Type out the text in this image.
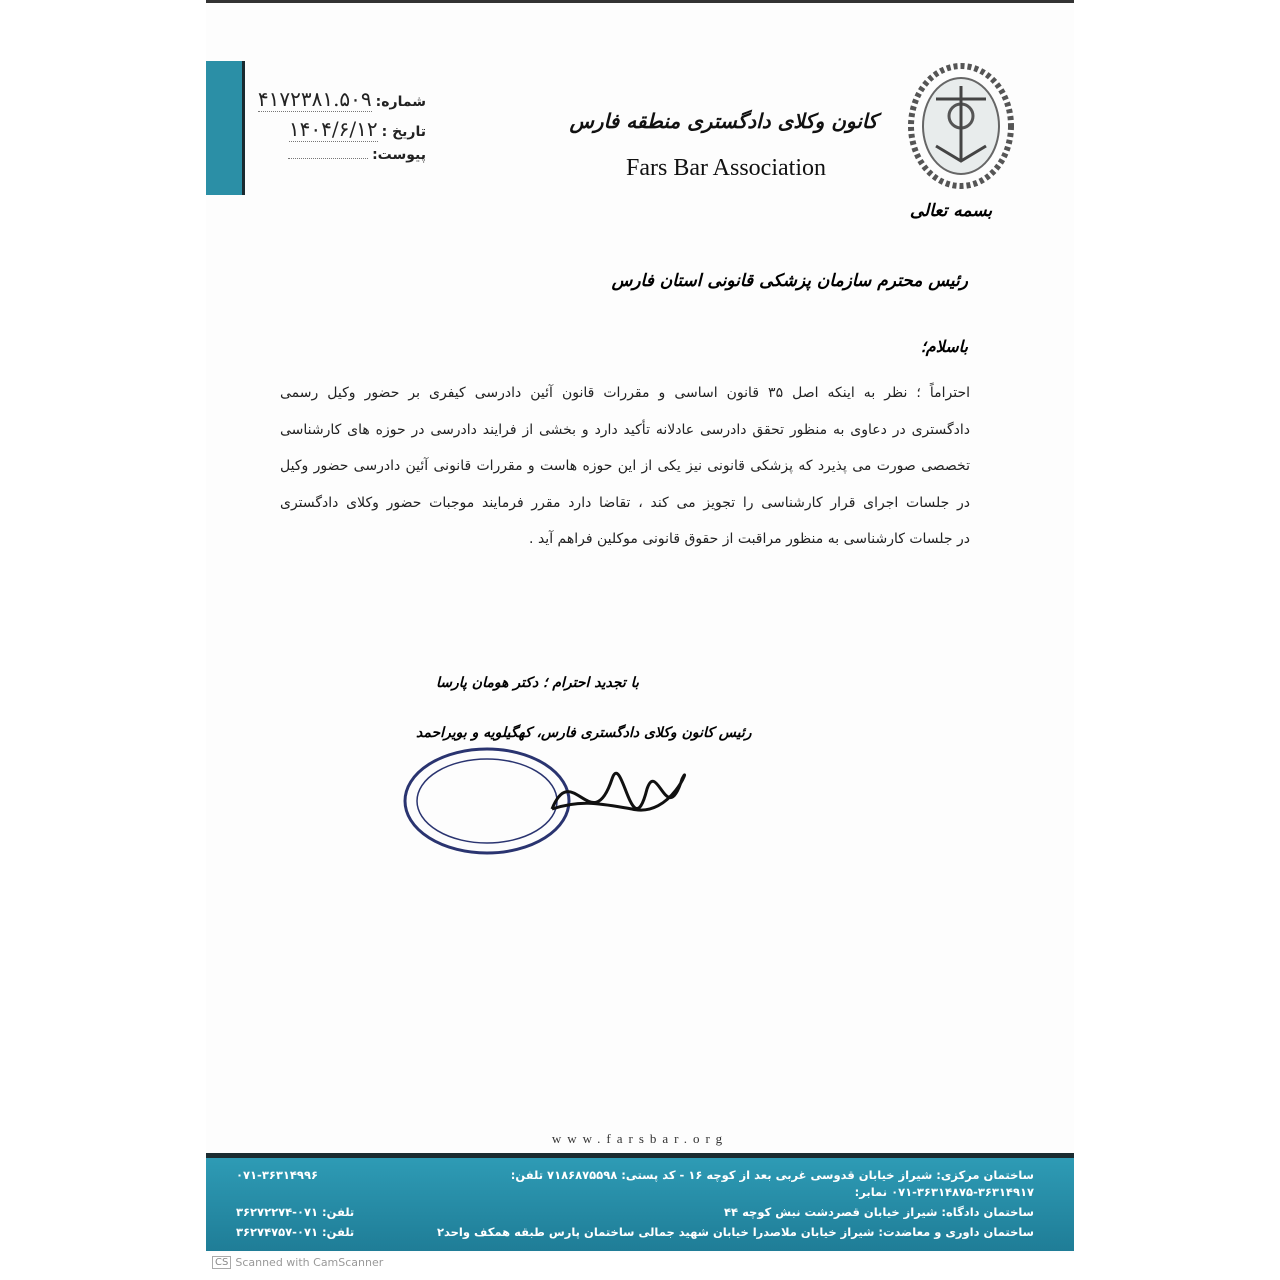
شماره:
۴۱۷۲۳۸۱.۵۰۹
تاریخ :
۱۴۰۴/۶/۱۲
پیوست:
کانون وکلای دادگستری منطقه فارس
Fars Bar Association
بسمه تعالی
رئیس محترم سازمان پزشکی قانونی استان فارس
باسلام؛
احتراماً ؛ نظر به اینکه اصل ۳۵ قانون اساسی و مقررات قانون آئین دادرسی کیفری بر حضور وکیل رسمی
دادگستری در دعاوی به منظور تحقق دادرسی عادلانه تأکید دارد و بخشی از فرایند دادرسی در حوزه های کارشناسی
تخصصی صورت می پذیرد که پزشکی قانونی نیز یکی از این حوزه هاست و مقررات قانونی آئین دادرسی حضور وکیل
در جلسات اجرای قرار کارشناسی را تجویز می کند ، تقاضا دارد مقرر فرمایند موجبات حضور وکلای دادگستری
در جلسات کارشناسی به منظور مراقبت از حقوق قانونی موکلین فراهم آید .
با تجدید احترام ؛ دکتر هومان پارسا
رئیس کانون وکلای دادگستری فارس، کهگیلویه و بویراحمد
www.farsbar.org
ساختمان مرکزی: شیراز خیابان قدوسی غربی بعد از کوچه ۱۶ - کد پستی: ۷۱۸۶۸۷۵۵۹۸ تلفن: ۳۶۳۱۴۹۱۷-۳۶۳۱۴۸۷۵-۰۷۱ نمابر:
۰۷۱-۳۶۳۱۴۹۹۶
ساختمان دادگاه: شیراز خیابان قصردشت نبش کوچه ۴۴
تلفن: ۰۷۱-۳۶۲۷۲۲۷۴
ساختمان داوری و معاضدت: شیراز خیابان ملاصدرا خیابان شهید جمالی ساختمان پارس طبقه همکف واحد۲
تلفن: ۰۷۱-۳۶۲۷۴۷۵۷
CS Scanned with CamScanner
